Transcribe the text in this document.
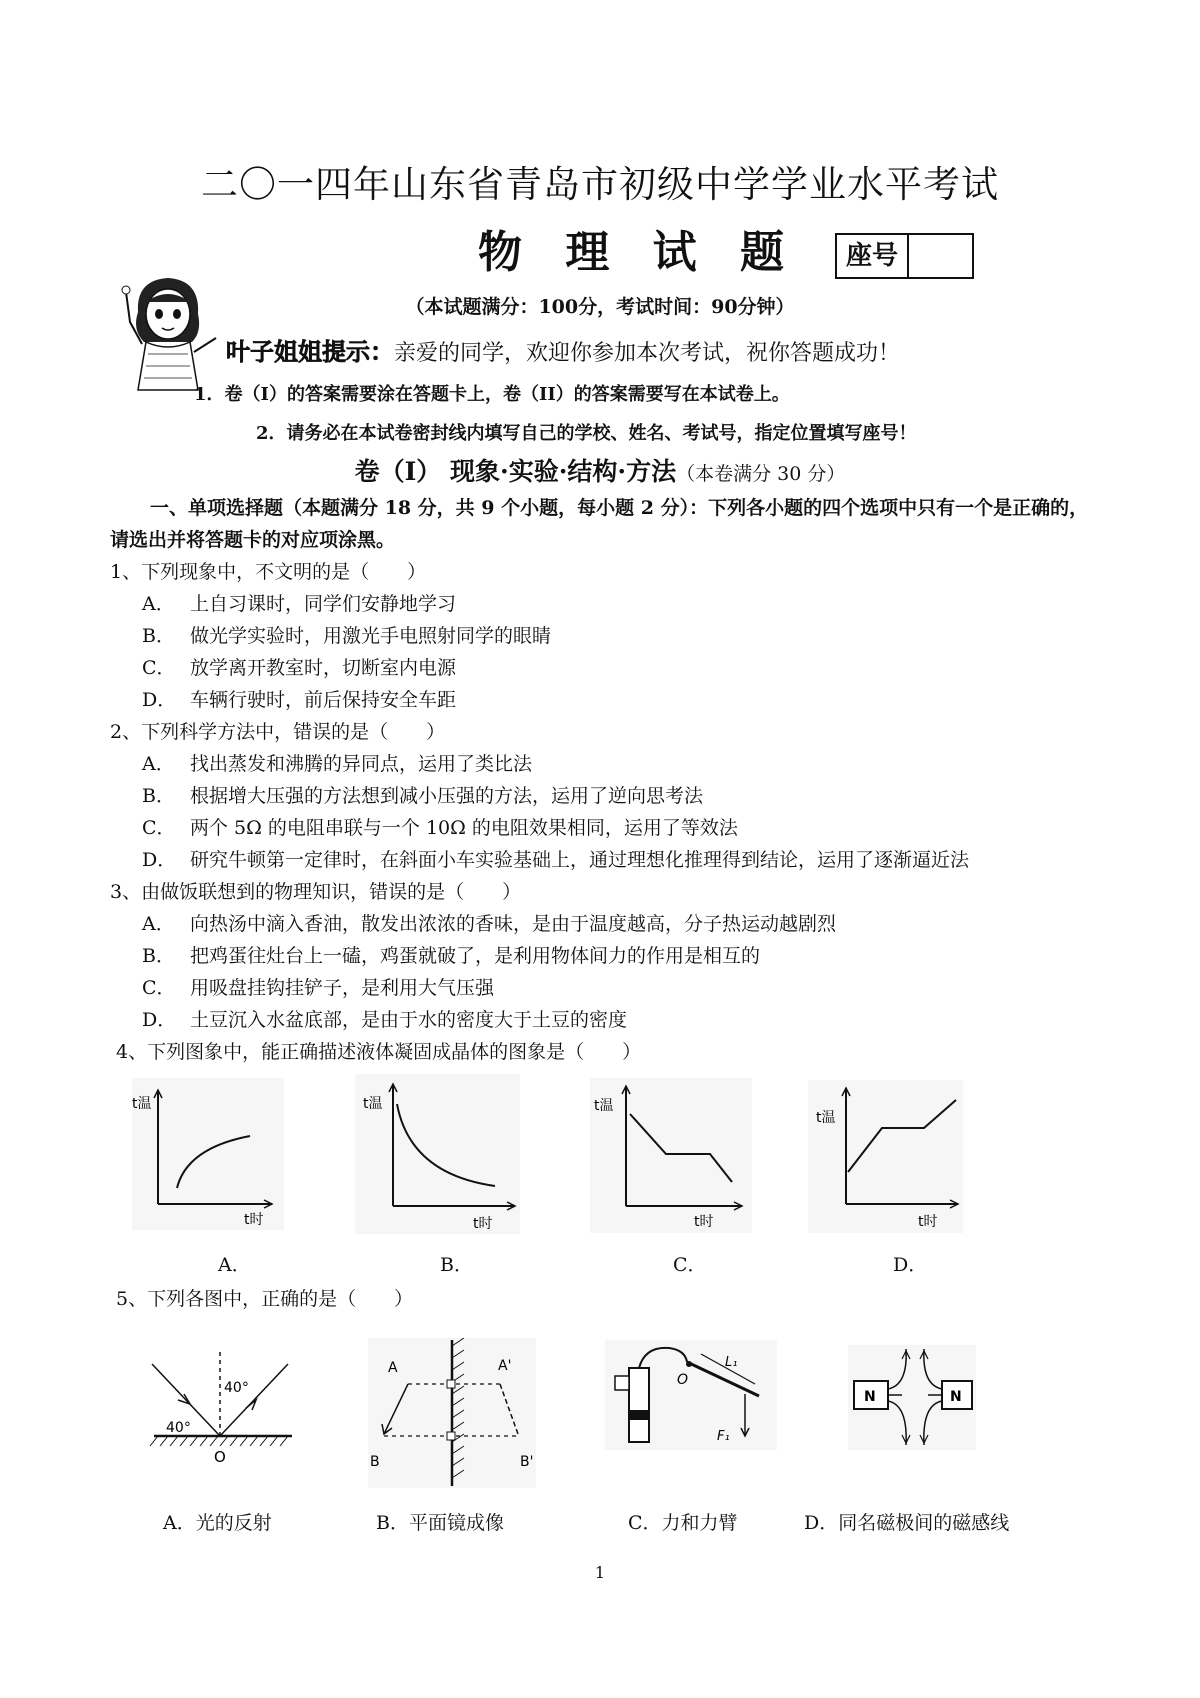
二〇一四年山东省青岛市初级中学学业水平考试
物 理 试 题	座号
（本试题满分：100分，考试时间：90分钟）
叶子姐姐提示：亲爱的同学，欢迎你参加本次考试，祝你答题成功！
1．卷（I）的答案需要涂在答题卡上，卷（II）的答案需要写在本试卷上。
2．请务必在本试卷密封线内填写自己的学校、姓名、考试号，指定位置填写座号！
卷（I） 现象·实验·结构·方法（本卷满分 30 分）
一、单项选择题（本题满分 18 分，共 9 个小题，每小题 2 分）：下列各小题的四个选项中只有一个是正确的，请选出并将答题卡的对应项涂黑。
1、下列现象中，不文明的是（　　）
A． 上自习课时，同学们安静地学习
B． 做光学实验时，用激光手电照射同学的眼睛
C． 放学离开教室时，切断室内电源
D． 车辆行驶时，前后保持安全车距
2、下列科学方法中，错误的是（　　）
A． 找出蒸发和沸腾的异同点，运用了类比法
B． 根据增大压强的方法想到减小压强的方法，运用了逆向思考法
C． 两个 5Ω 的电阻串联与一个 10Ω 的电阻效果相同，运用了等效法
D． 研究牛顿第一定律时，在斜面小车实验基础上，通过理想化推理得到结论，运用了逐渐逼近法
3、由做饭联想到的物理知识，错误的是（　　）
A． 向热汤中滴入香油，散发出浓浓的香味，是由于温度越高，分子热运动越剧烈
B． 把鸡蛋往灶台上一磕，鸡蛋就破了，是利用物体间力的作用是相互的
C． 用吸盘挂钩挂铲子，是利用大气压强
D． 土豆沉入水盆底部，是由于水的密度大于土豆的密度
4、下列图象中，能正确描述液体凝固成晶体的图象是（　　）
t温
t时
t温
t时
t温
t时
t温
t时
A．	B．	C．	D．
5、下列各图中，正确的是（　　）
40°
40°
O
A	A'
B	B'
O
L₁
F₁
N	N
A．光的反射	B．平面镜成像	C．力和力臂	D．同名磁极间的磁感线
1
